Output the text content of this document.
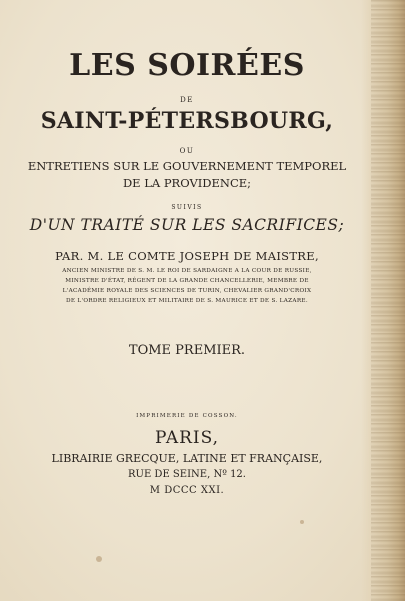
LES SOIRÉES
DE
SAINT-PÉTERSBOURG,
OU
ENTRETIENS SUR LE GOUVERNEMENT TEMPOREL
DE LA PROVIDENCE;
SUIVIS
D'UN TRAITÉ SUR LES SACRIFICES;
PAR. M. LE COMTE JOSEPH DE MAISTRE,
ANCIEN MINISTRE DE S. M. LE ROI DE SARDAIGNE A LA COUR DE RUSSIE,
MINISTRE D'ÉTAT, RÉGENT DE LA GRANDE CHANCELLERIE, MEMBRE DE
L'ACADÉMIE ROYALE DES SCIENCES DE TURIN, CHEVALIER GRAND'CROIX
DE L'ORDRE RELIGIEUX ET MILITAIRE DE S. MAURICE ET DE S. LAZARE.
TOME PREMIER.
IMPRIMERIE DE COSSON.
PARIS,
LIBRAIRIE GRECQUE, LATINE ET FRANÇAISE,
RUE DE SEINE, Nº 12.
M DCCC XXI.
